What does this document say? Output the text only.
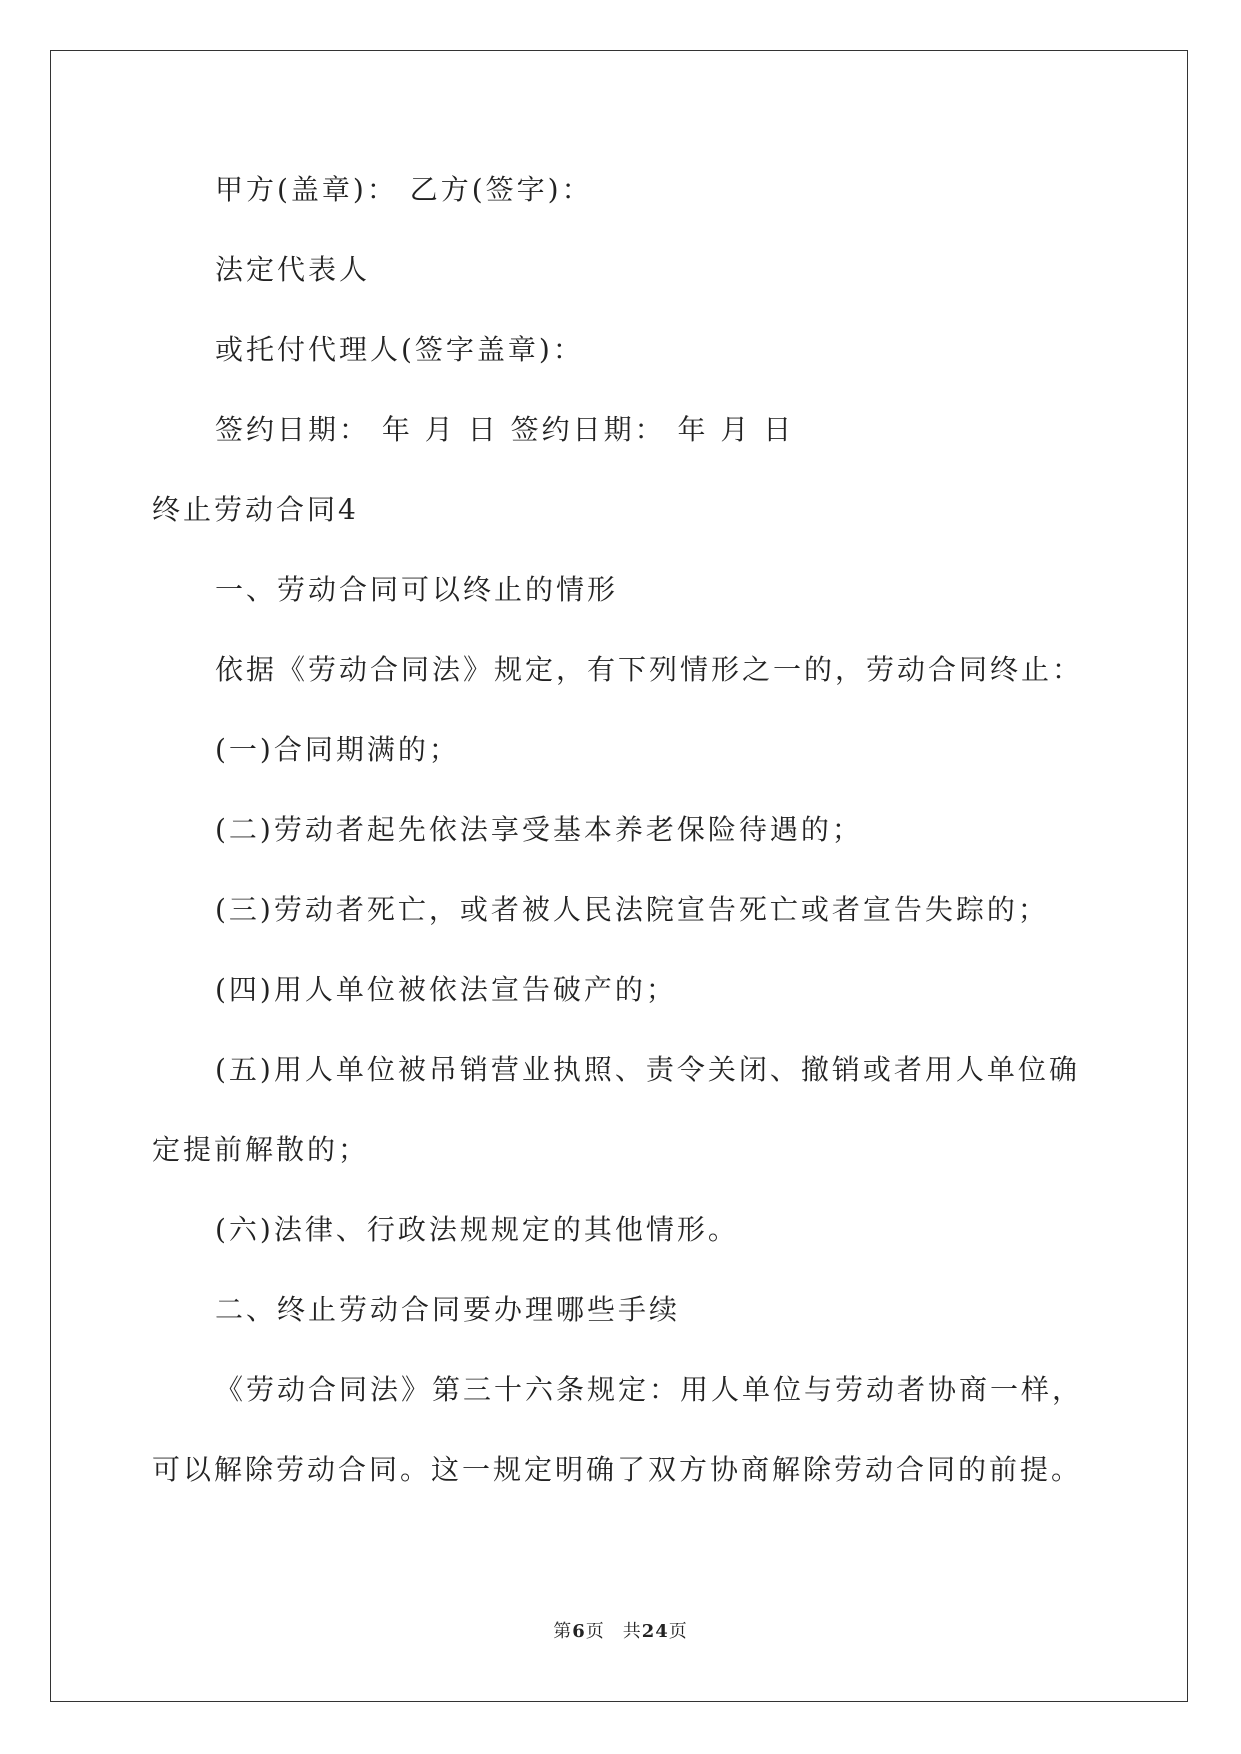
甲方(盖章)： 乙方(签字)：
法定代表人
或托付代理人(签字盖章)：
签约日期： 年 月 日 签约日期： 年 月 日
终止劳动合同4
一、劳动合同可以终止的情形
依据《劳动合同法》规定，有下列情形之一的，劳动合同终止：
(一)合同期满的；
(二)劳动者起先依法享受基本养老保险待遇的；
(三)劳动者死亡，或者被人民法院宣告死亡或者宣告失踪的；
(四)用人单位被依法宣告破产的；
(五)用人单位被吊销营业执照、责令关闭、撤销或者用人单位确
定提前解散的；
(六)法律、行政法规规定的其他情形。
二、终止劳动合同要办理哪些手续
《劳动合同法》第三十六条规定：用人单位与劳动者协商一样，
可以解除劳动合同。这一规定明确了双方协商解除劳动合同的前提。
第6页 共24页
